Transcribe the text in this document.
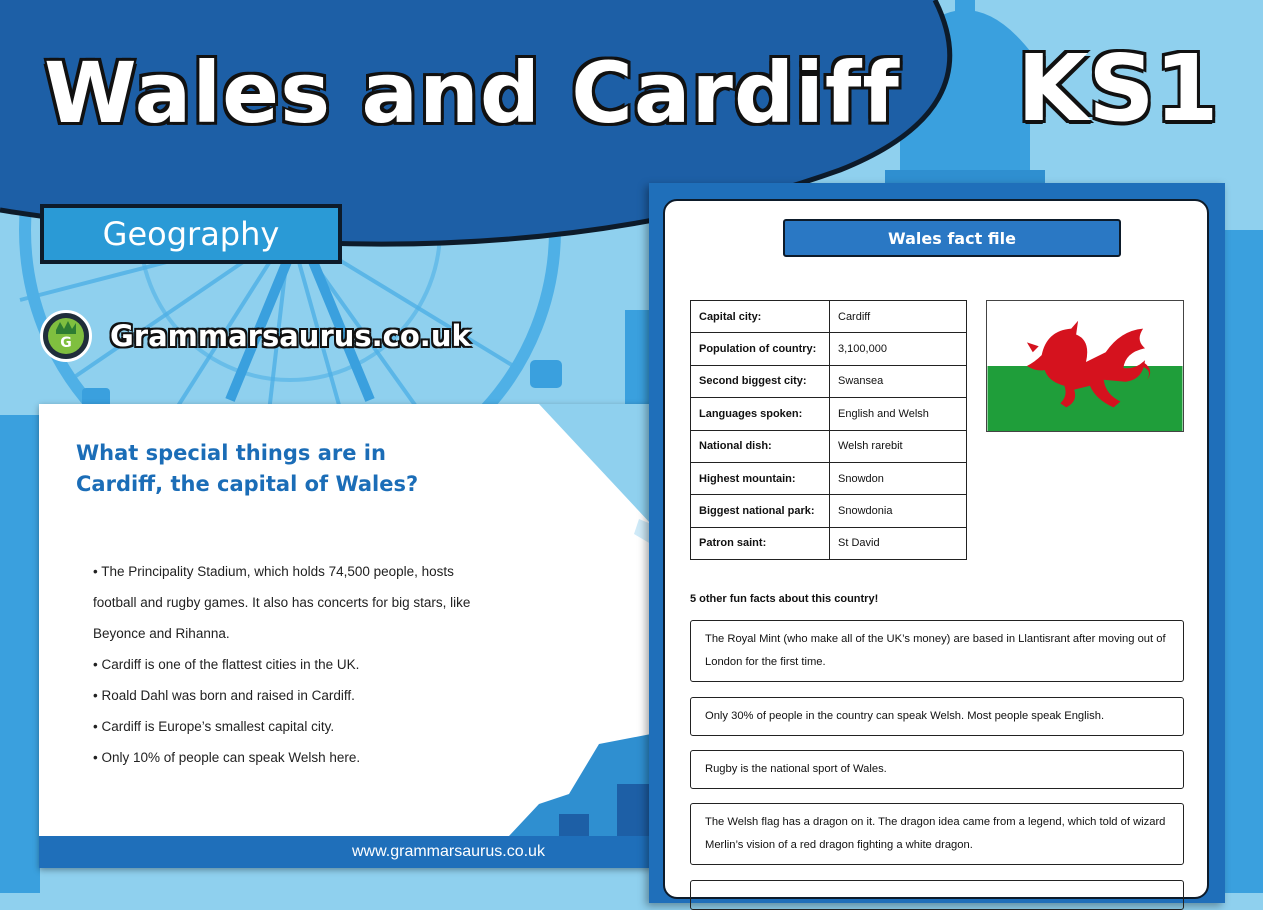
Wales and Cardiff KS1
Geography
G Grammarsaurus.co.uk
What special things are in Cardiff, the capital of Wales?
• The Principality Stadium, which holds 74,500 people, hosts football and rugby games. It also has concerts for big stars, like Beyonce and Rihanna.
• Cardiff is one of the flattest cities in the UK.
• Roald Dahl was born and raised in Cardiff.
• Cardiff is Europe’s smallest capital city.
• Only 10% of people can speak Welsh here.
www.grammarsaurus.co.uk
Wales fact file
Capital city:	Cardiff
Population of country:	3,100,000
Second biggest city:	Swansea
Languages spoken:	English and Welsh
National dish:	Welsh rarebit
Highest mountain:	Snowdon
Biggest national park:	Snowdonia
Patron saint:	St David
5 other fun facts about this country!
The Royal Mint (who make all of the UK’s money) are based in Llantisrant after moving out of London for the first time.
Only 30% of people in the country can speak Welsh. Most people speak English.
Rugby is the national sport of Wales.
The Welsh flag has a dragon on it. The dragon idea came from a legend, which told of wizard Merlin’s vision of a red dragon fighting a white dragon.
